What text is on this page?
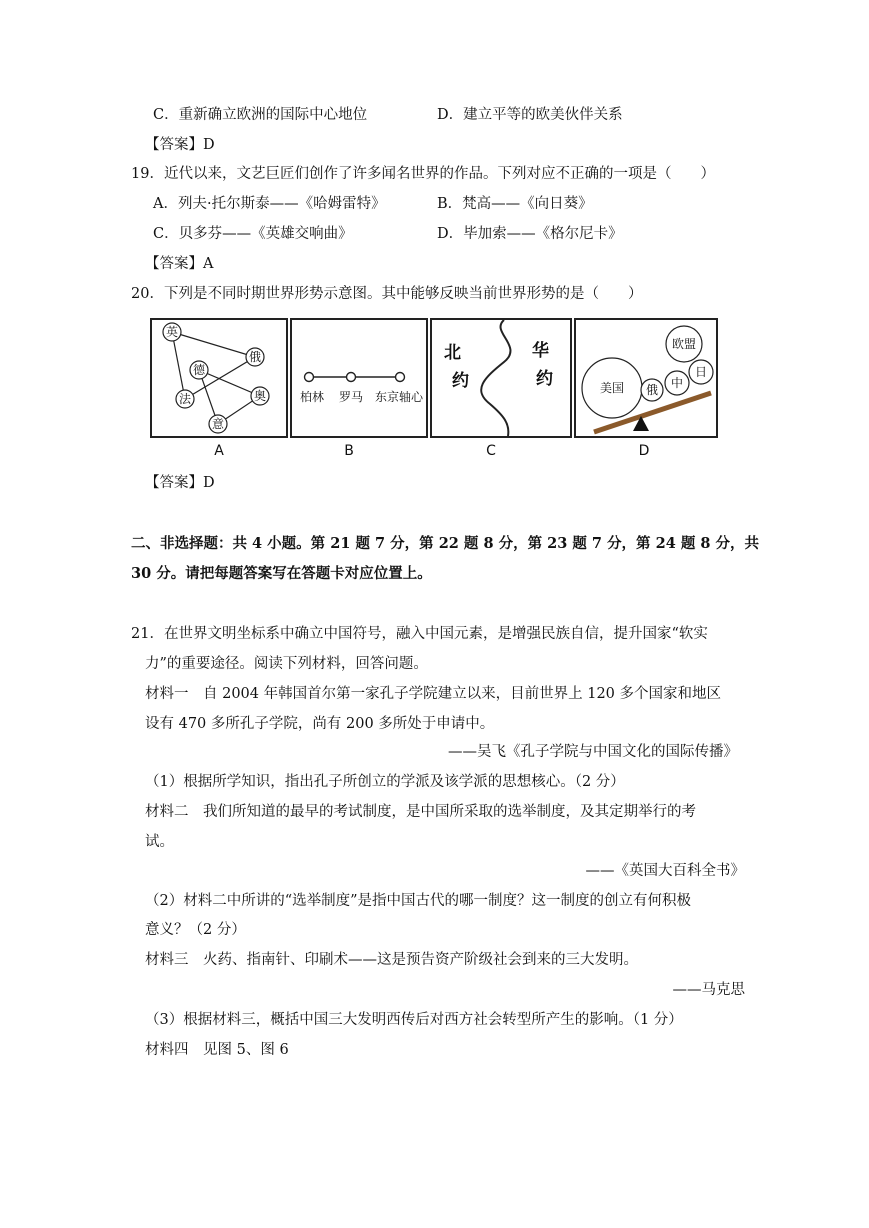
C．重新确立欧洲的国际中心地位	D．建立平等的欧美伙伴关系
【答案】D
19．近代以来，文艺巨匠们创作了许多闻名世界的作品。下列对应不正确的一项是（　　）
A．列夫·托尔斯泰——《哈姆雷特》	B．梵高——《向日葵》
C．贝多芬——《英雄交响曲》	D．毕加索——《格尔尼卡》
【答案】A
20．下列是不同时期世界形势示意图。其中能够反映当前世界形势的是（　　）
英
俄
德
奥
法
意
A
柏林 罗马 东京轴心
B
北
约
华
约
C
美国 俄 中
欧盟
日
D
【答案】D
二、非选择题：共 4 小题。第 21 题 7 分，第 22 题 8 分，第 23 题 7 分，第 24 题 8 分，共
30 分。请把每题答案写在答题卡对应位置上。
21．在世界文明坐标系中确立中国符号，融入中国元素，是增强民族自信，提升国家“软实
力”的重要途径。阅读下列材料，回答问题。
材料一　自 2004 年韩国首尔第一家孔子学院建立以来，目前世界上 120 多个国家和地区
设有 470 多所孔子学院，尚有 200 多所处于申请中。
——吴飞《孔子学院与中国文化的国际传播》
（1）根据所学知识，指出孔子所创立的学派及该学派的思想核心。（2 分）
材料二　我们所知道的最早的考试制度，是中国所采取的选举制度，及其定期举行的考
试。
——《英国大百科全书》
（2）材料二中所讲的“选举制度”是指中国古代的哪一制度？这一制度的创立有何积极
意义？（2 分）
材料三　火药、指南针、印刷术——这是预告资产阶级社会到来的三大发明。
——马克思
（3）根据材料三，概括中国三大发明西传后对西方社会转型所产生的影响。（1 分）
材料四　见图 5、图 6
